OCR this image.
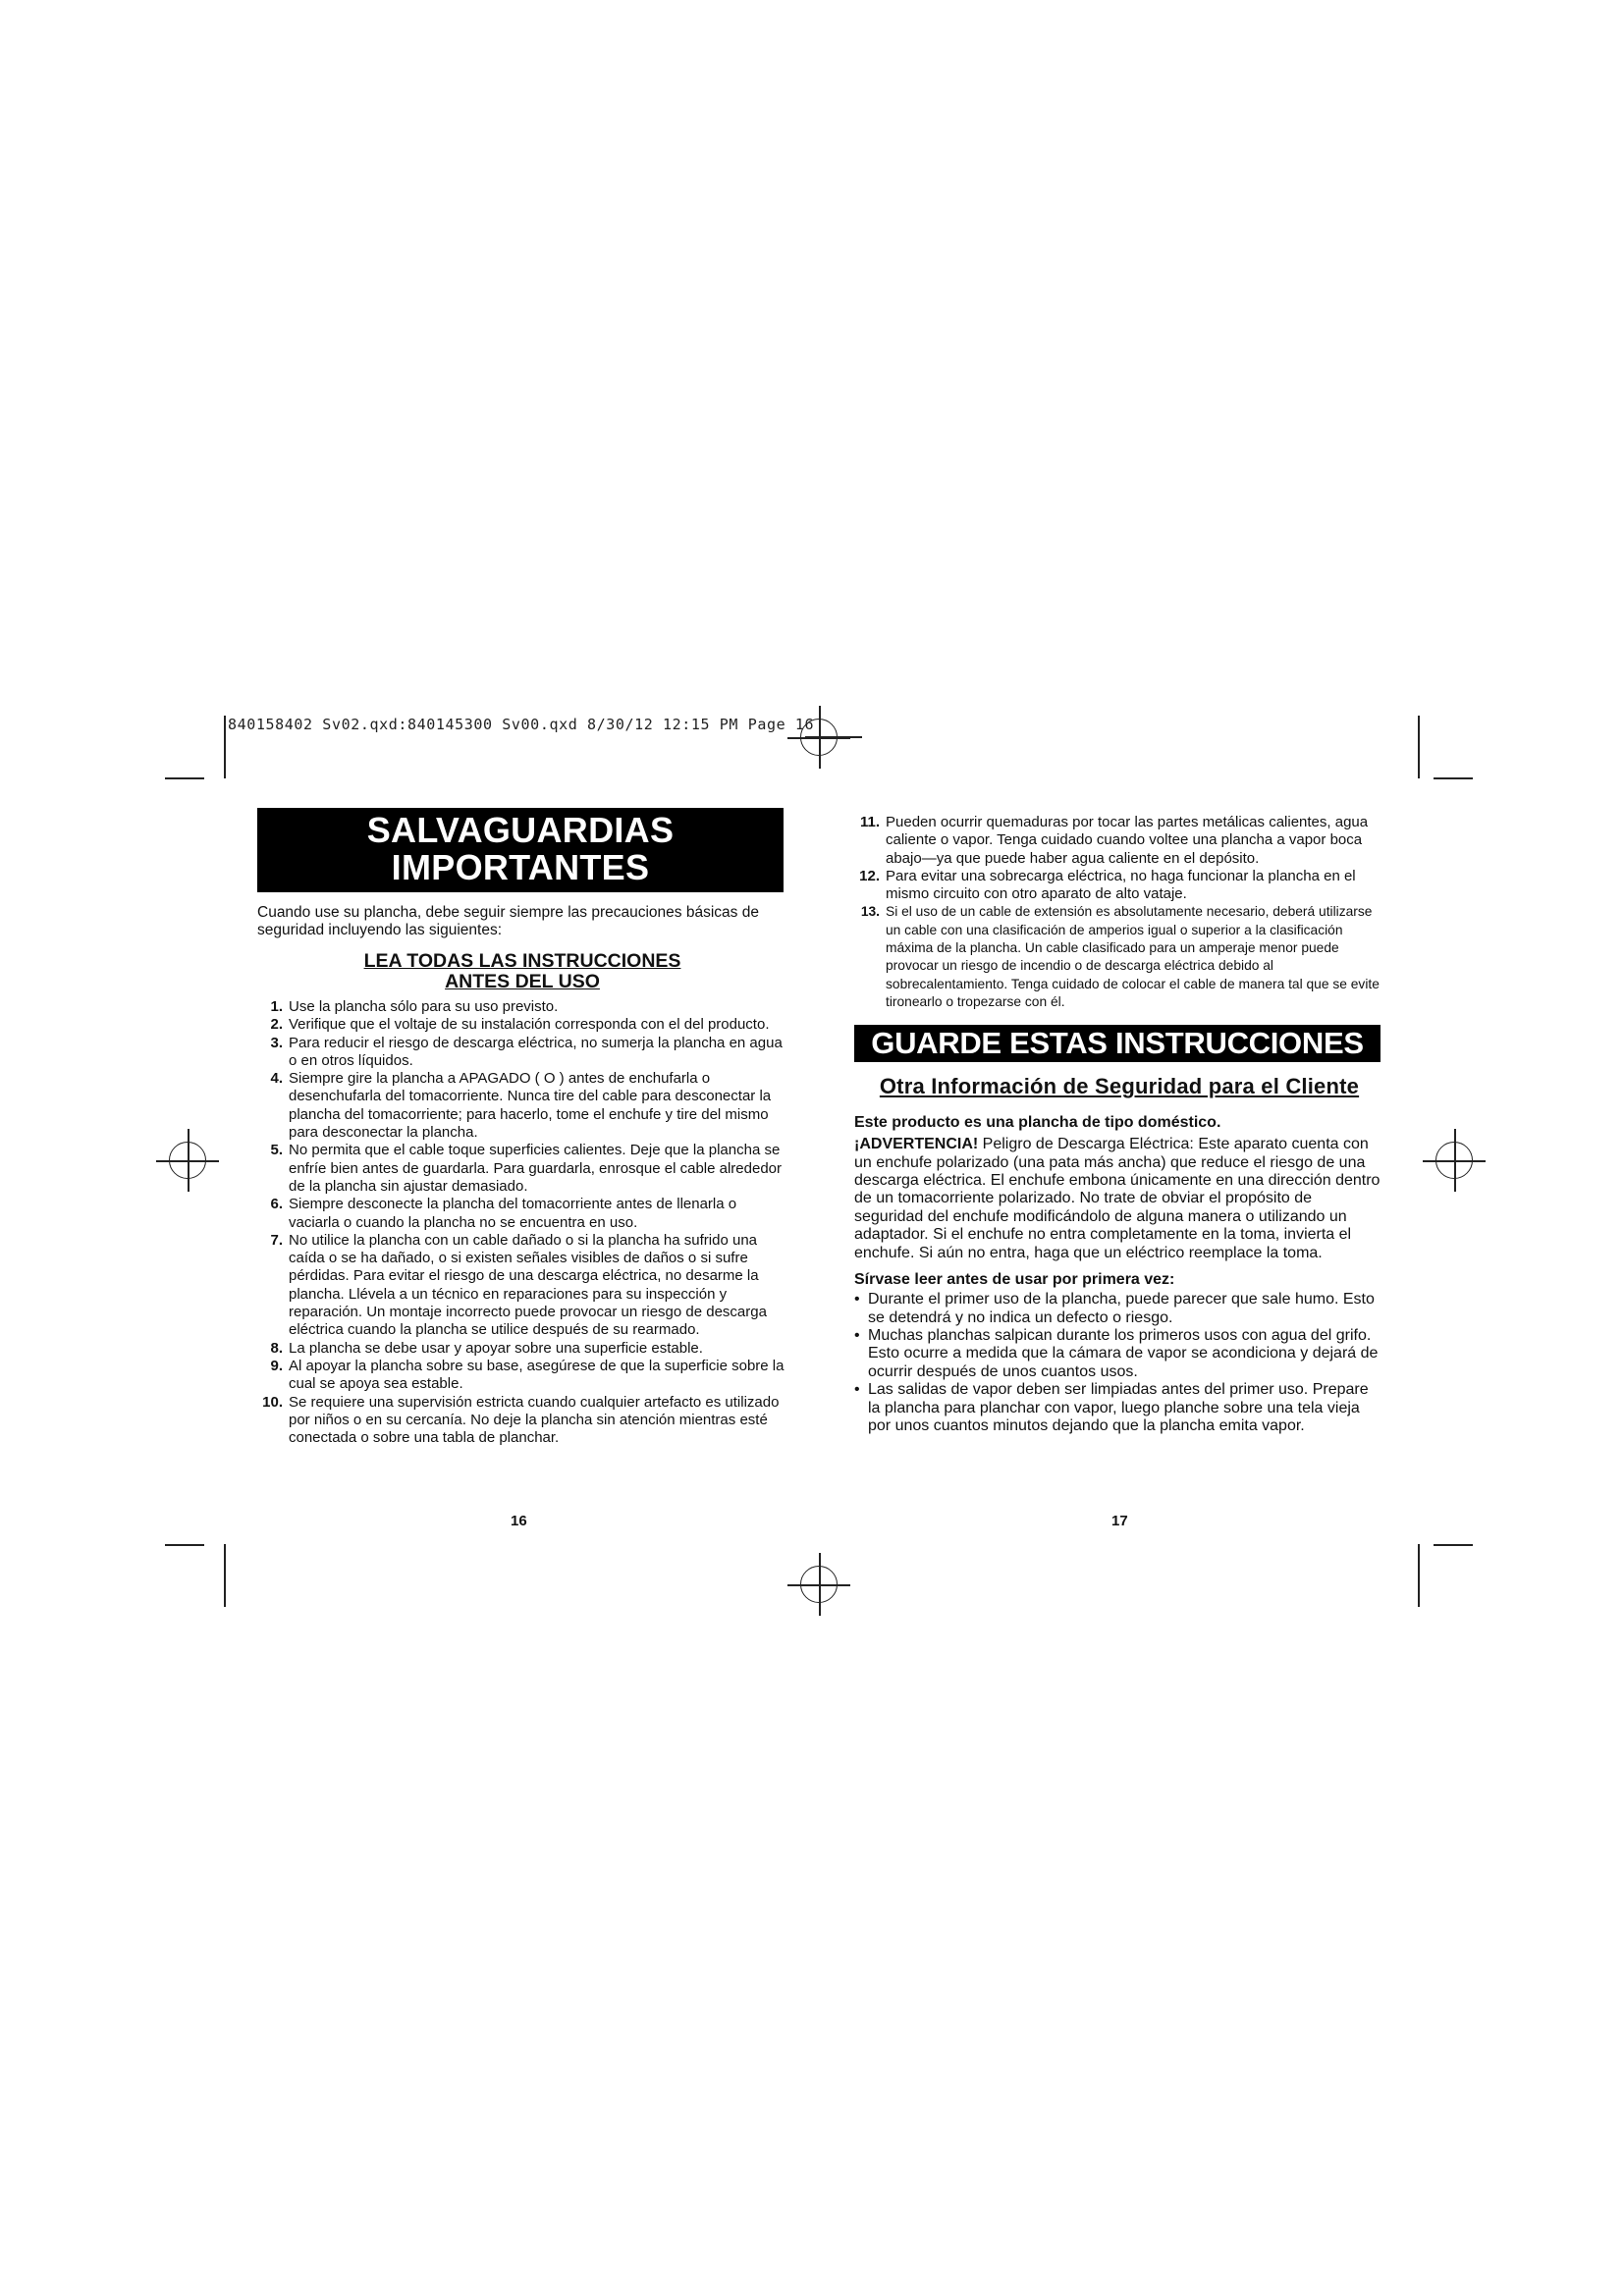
840158402 Sv02.qxd:840145300 Sv00.qxd 8/30/12 12:15 PM Page 16
SALVAGUARDIAS
IMPORTANTES
Cuando use su plancha, debe seguir siempre las precauciones básicas de seguridad incluyendo las siguientes:
LEA TODAS LAS INSTRUCCIONES
ANTES DEL USO
1. Use la plancha sólo para su uso previsto.
2. Verifique que el voltaje de su instalación corresponda con el del producto.
3. Para reducir el riesgo de descarga eléctrica, no sumerja la plancha en agua o en otros líquidos.
4. Siempre gire la plancha a APAGADO ( O ) antes de enchufarla o desenchufarla del tomacorriente. Nunca tire del cable para desconectar la plancha del tomacorriente; para hacerlo, tome el enchufe y tire del mismo para desconectar la plancha.
5. No permita que el cable toque superficies calientes. Deje que la plancha se enfríe bien antes de guardarla. Para guardarla, enrosque el cable alrededor de la plancha sin ajustar demasiado.
6. Siempre desconecte la plancha del tomacorriente antes de llenarla o vaciarla o cuando la plancha no se encuentra en uso.
7. No utilice la plancha con un cable dañado o si la plancha ha sufrido una caída o se ha dañado, o si existen señales visibles de daños o si sufre pérdidas. Para evitar el riesgo de una descarga eléctrica, no desarme la plancha. Llévela a un técnico en reparaciones para su inspección y reparación. Un montaje incorrecto puede provocar un riesgo de descarga eléctrica cuando la plancha se utilice después de su rearmado.
8. La plancha se debe usar y apoyar sobre una superficie estable.
9. Al apoyar la plancha sobre su base, asegúrese de que la superficie sobre la cual se apoya sea estable.
10. Se requiere una supervisión estricta cuando cualquier artefacto es utilizado por niños o en su cercanía. No deje la plancha sin atención mientras esté conectada o sobre una tabla de planchar.
16
11. Pueden ocurrir quemaduras por tocar las partes metálicas calientes, agua caliente o vapor. Tenga cuidado cuando voltee una plancha a vapor boca abajo—ya que puede haber agua caliente en el depósito.
12. Para evitar una sobrecarga eléctrica, no haga funcionar la plancha en el mismo circuito con otro aparato de alto vataje.
13. Si el uso de un cable de extensión es absolutamente necesario, deberá utilizarse un cable con una clasificación de amperios igual o superior a la clasificación máxima de la plancha. Un cable clasificado para un amperaje menor puede provocar un riesgo de incendio o de descarga eléctrica debido al sobrecalentamiento. Tenga cuidado de colocar el cable de manera tal que se evite tironearlo o tropezarse con él.
GUARDE ESTAS INSTRUCCIONES
Otra Información de Seguridad para el Cliente
Este producto es una plancha de tipo doméstico.
¡ADVERTENCIA! Peligro de Descarga Eléctrica: Este aparato cuenta con un enchufe polarizado (una pata más ancha) que reduce el riesgo de una descarga eléctrica. El enchufe embona únicamente en una dirección dentro de un tomacorriente polarizado. No trate de obviar el propósito de seguridad del enchufe modificándolo de alguna manera o utilizando un adaptador. Si el enchufe no entra completamente en la toma, invierta el enchufe. Si aún no entra, haga que un eléctrico reemplace la toma.
Sírvase leer antes de usar por primera vez:
• Durante el primer uso de la plancha, puede parecer que sale humo. Esto se detendrá y no indica un defecto o riesgo.
• Muchas planchas salpican durante los primeros usos con agua del grifo. Esto ocurre a medida que la cámara de vapor se acondiciona y dejará de ocurrir después de unos cuantos usos.
• Las salidas de vapor deben ser limpiadas antes del primer uso. Prepare la plancha para planchar con vapor, luego planche sobre una tela vieja por unos cuantos minutos dejando que la plancha emita vapor.
17
